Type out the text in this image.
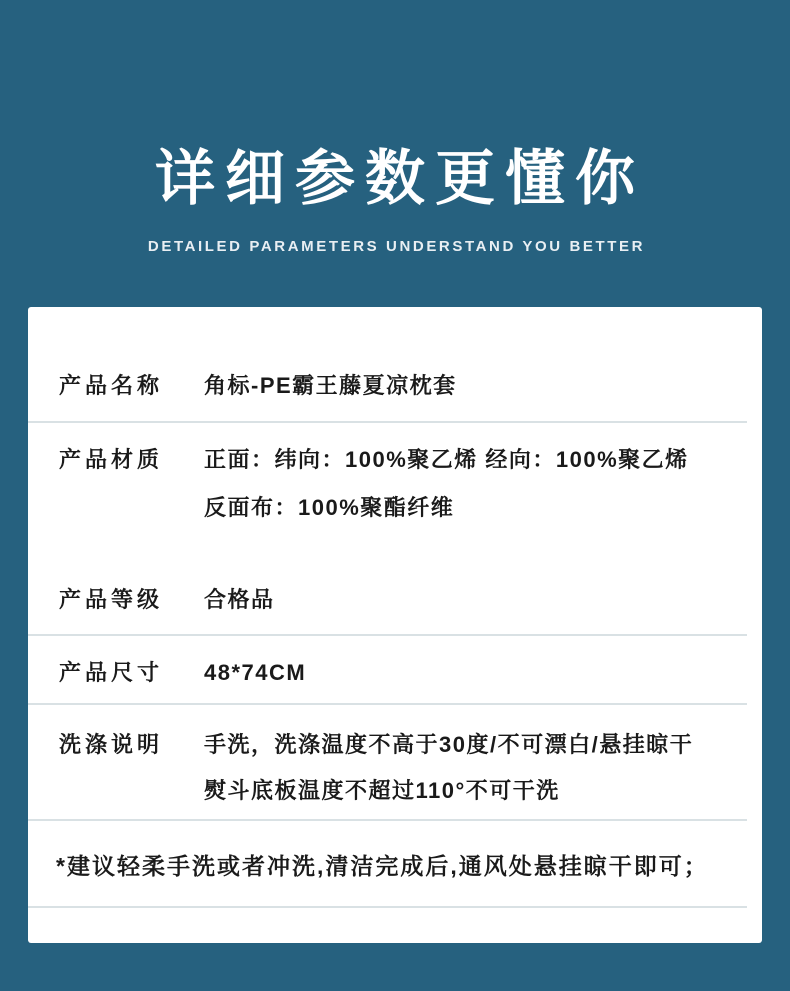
详细参数更懂你
DETAILED PARAMETERS UNDERSTAND YOU BETTER
产品名称	角标-PE霸王藤夏凉枕套
产品材质	正面：纬向：100%聚乙烯 经向：100%聚乙烯
反面布：100%聚酯纤维
产品等级	合格品
产品尺寸	48*74CM
洗涤说明	手洗，洗涤温度不高于30度/不可漂白/悬挂晾干
熨斗底板温度不超过110°不可干洗
*建议轻柔手洗或者冲洗,清洁完成后,通风处悬挂晾干即可；
